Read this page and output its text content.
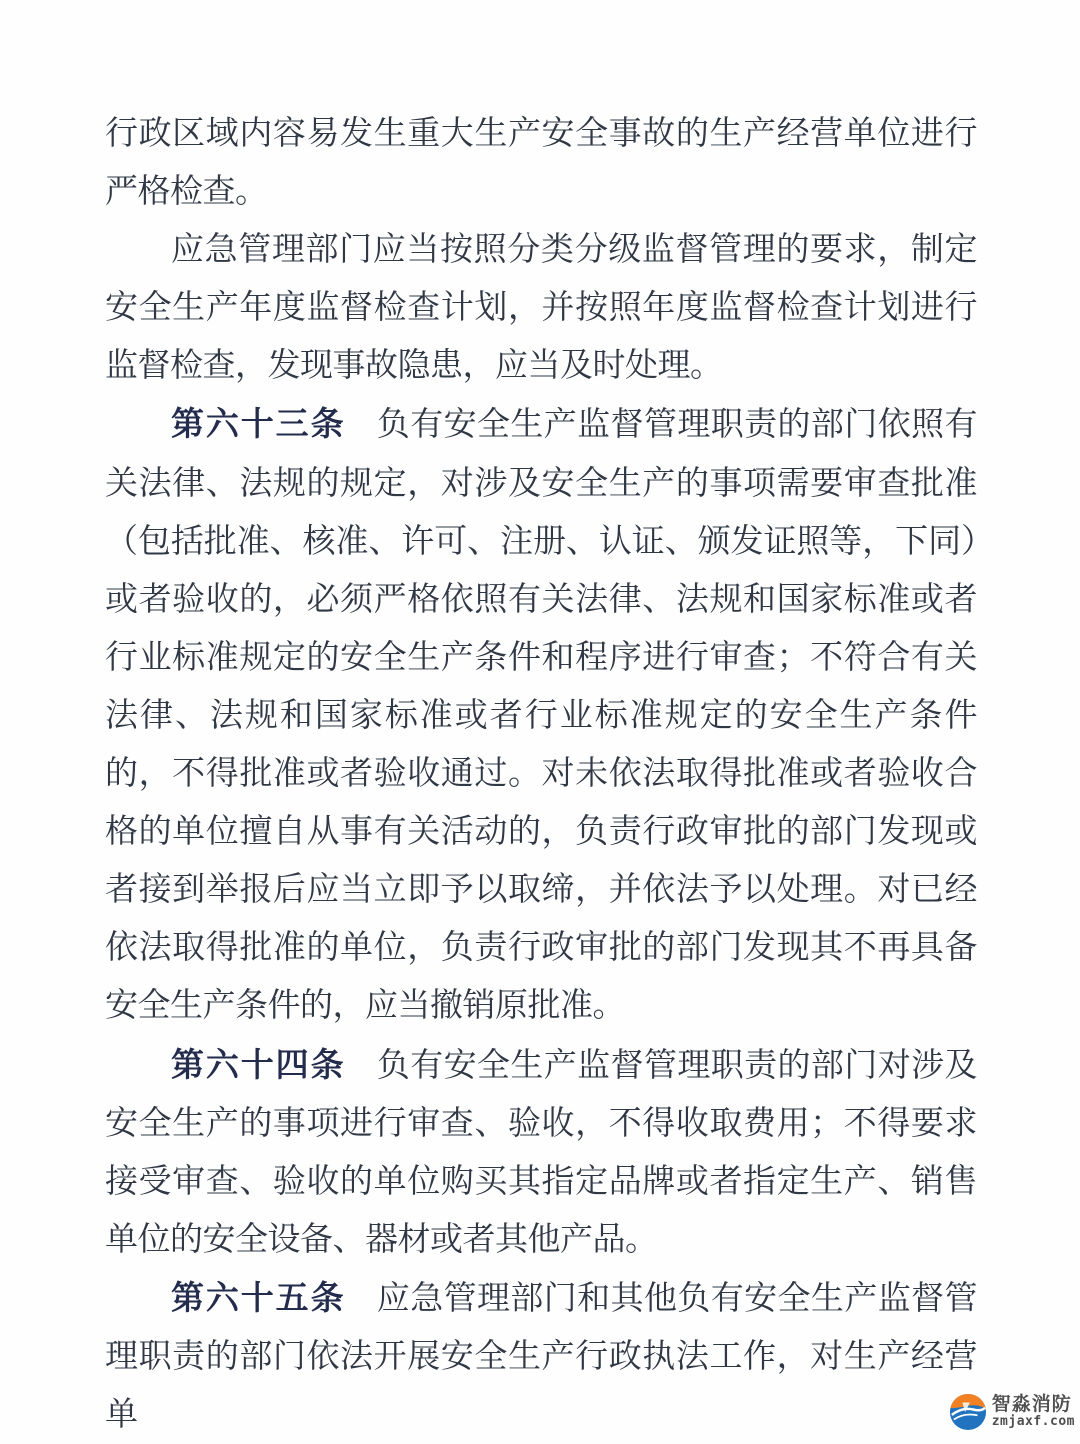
行政区域内容易发生重大生产安全事故的生产经营单位进行严格检查。

应急管理部门应当按照分类分级监督管理的要求，制定安全生产年度监督检查计划，并按照年度监督检查计划进行监督检查，发现事故隐患，应当及时处理。

第六十三条 负有安全生产监督管理职责的部门依照有关法律、法规的规定，对涉及安全生产的事项需要审查批准（包括批准、核准、许可、注册、认证、颁发证照等，下同）或者验收的，必须严格依照有关法律、法规和国家标准或者行业标准规定的安全生产条件和程序进行审查；不符合有关法律、法规和国家标准或者行业标准规定的安全生产条件的，不得批准或者验收通过。对未依法取得批准或者验收合格的单位擅自从事有关活动的，负责行政审批的部门发现或者接到举报后应当立即予以取缔，并依法予以处理。对已经依法取得批准的单位，负责行政审批的部门发现其不再具备安全生产条件的，应当撤销原批准。

第六十四条 负有安全生产监督管理职责的部门对涉及安全生产的事项进行审查、验收，不得收取费用；不得要求接受审查、验收的单位购买其指定品牌或者指定生产、销售单位的安全设备、器材或者其他产品。

第六十五条 应急管理部门和其他负有安全生产监督管理职责的部门依法开展安全生产行政执法工作，对生产经营单	智淼消防
zmjaxf.com
